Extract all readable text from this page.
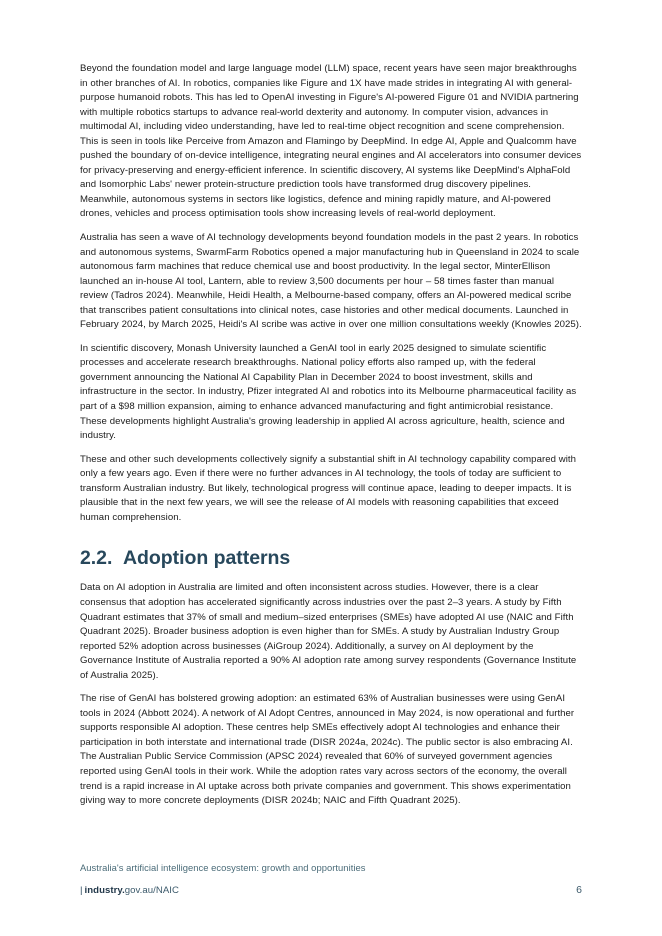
Beyond the foundation model and large language model (LLM) space, recent years have seen major breakthroughs in other branches of AI. In robotics, companies like Figure and 1X have made strides in integrating AI with general-purpose humanoid robots. This has led to OpenAI investing in Figure's AI-powered Figure 01 and NVIDIA partnering with multiple robotics startups to advance real-world dexterity and autonomy. In computer vision, advances in multimodal AI, including video understanding, have led to real-time object recognition and scene comprehension. This is seen in tools like Perceive from Amazon and Flamingo by DeepMind. In edge AI, Apple and Qualcomm have pushed the boundary of on-device intelligence, integrating neural engines and AI accelerators into consumer devices for privacy-preserving and energy-efficient inference. In scientific discovery, AI systems like DeepMind's AlphaFold and Isomorphic Labs' newer protein-structure prediction tools have transformed drug discovery pipelines. Meanwhile, autonomous systems in sectors like logistics, defence and mining rapidly mature, and AI-powered drones, vehicles and process optimisation tools show increasing levels of real-world deployment.

Australia has seen a wave of AI technology developments beyond foundation models in the past 2 years. In robotics and autonomous systems, SwarmFarm Robotics opened a major manufacturing hub in Queensland in 2024 to scale autonomous farm machines that reduce chemical use and boost productivity. In the legal sector, MinterEllison launched an in-house AI tool, Lantern, able to review 3,500 documents per hour – 58 times faster than manual review (Tadros 2024). Meanwhile, Heidi Health, a Melbourne-based company, offers an AI-powered medical scribe that transcribes patient consultations into clinical notes, case histories and other medical documents. Launched in February 2024, by March 2025, Heidi's AI scribe was active in over one million consultations weekly (Knowles 2025).

In scientific discovery, Monash University launched a GenAI tool in early 2025 designed to simulate scientific processes and accelerate research breakthroughs. National policy efforts also ramped up, with the federal government announcing the National AI Capability Plan in December 2024 to boost investment, skills and infrastructure in the sector. In industry, Pfizer integrated AI and robotics into its Melbourne pharmaceutical facility as part of a $98 million expansion, aiming to enhance advanced manufacturing and fight antimicrobial resistance. These developments highlight Australia's growing leadership in applied AI across agriculture, health, science and industry.

These and other such developments collectively signify a substantial shift in AI technology capability compared with only a few years ago. Even if there were no further advances in AI technology, the tools of today are sufficient to transform Australian industry. But likely, technological progress will continue apace, leading to deeper impacts. It is plausible that in the next few years, we will see the release of AI models with reasoning capabilities that exceed human comprehension.

2.2. Adoption patterns

Data on AI adoption in Australia are limited and often inconsistent across studies. However, there is a clear consensus that adoption has accelerated significantly across industries over the past 2–3 years. A study by Fifth Quadrant estimates that 37% of small and medium–sized enterprises (SMEs) have adopted AI use (NAIC and Fifth Quadrant 2025). Broader business adoption is even higher than for SMEs. A study by Australian Industry Group reported 52% adoption across businesses (AiGroup 2024). Additionally, a survey on AI deployment by the Governance Institute of Australia reported a 90% AI adoption rate among survey respondents (Governance Institute of Australia 2025).

The rise of GenAI has bolstered growing adoption: an estimated 63% of Australian businesses were using GenAI tools in 2024 (Abbott 2024). A network of AI Adopt Centres, announced in May 2024, is now operational and further supports responsible AI adoption. These centres help SMEs effectively adopt AI technologies and enhance their participation in both interstate and international trade (DISR 2024a, 2024c). The public sector is also embracing AI. The Australian Public Service Commission (APSC 2024) revealed that 60% of surveyed government agencies reported using GenAI tools in their work. While the adoption rates vary across sectors of the economy, the overall trend is a rapid increase in AI uptake across both private companies and government. This shows experimentation giving way to more concrete deployments (DISR 2024b; NAIC and Fifth Quadrant 2025).

Australia's artificial intelligence ecosystem: growth and opportunities
| industry.gov.au/NAIC	6
